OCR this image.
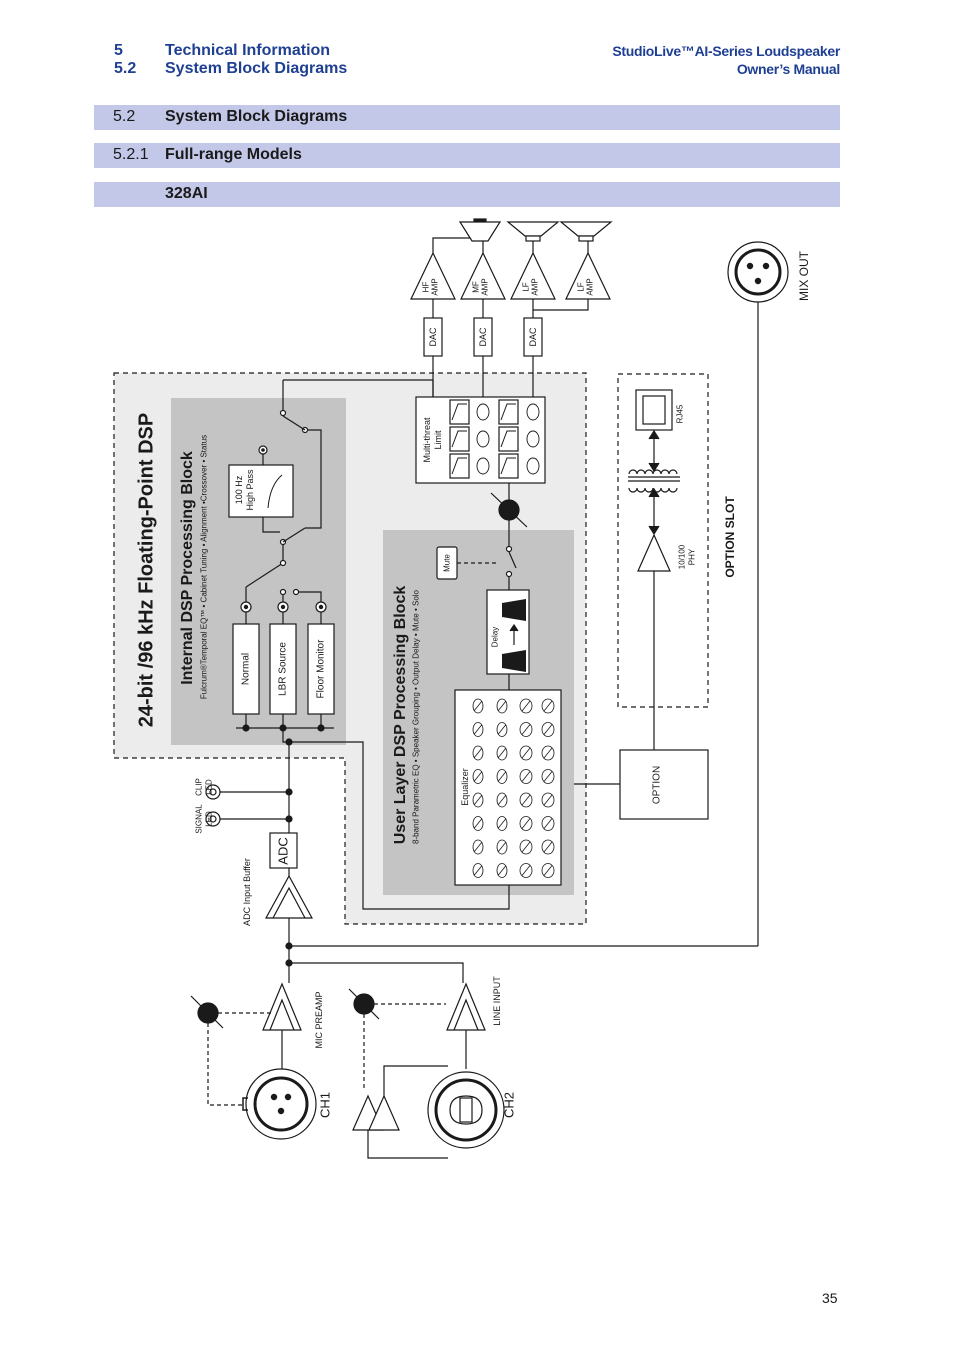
5	Technical Information
5.2	System Block Diagrams
StudioLive™AI-Series Loudspeaker
Owner’s Manual
5.2 System Block Diagrams
5.2.1 Full-range Models
328AI
24-bit /96 kHz Floating-Point DSP Internal DSP Processing Block Fulcrum®Temporal EQ™ • Cabinet Tuning • Alignment •Crossover • Status
User Layer DSP Processing Block 8-band Parametric EQ • Speaker Grouping • Output Delay • Mute • Solo
Normal	LBR Source	Floor Monitor
100 Hz High Pass
Multi-threat Limit
Mute
Delay
Equalizer
DAC	DAC	DAC
HF AMP	MF AMP	LF AMP	LF AMP
OPTION SLOT
RJ45
10/100 PHY
OPTION
MIX OUT
ADC
ADC Input Buffer
CLIP LED
SIGNAL LED
MIC PREAMP	LINE INPUT
CH1	CH2
35
